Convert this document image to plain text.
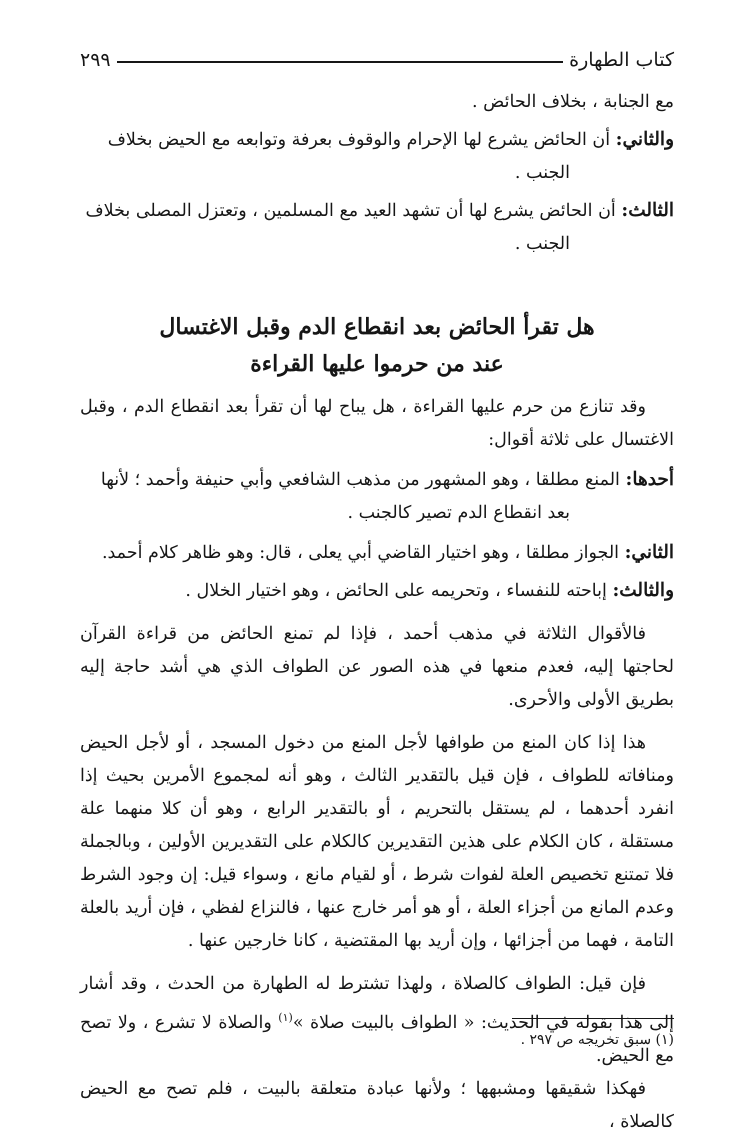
كتاب الطهارة
٢٩٩

مع الجنابة ، بخلاف الحائض .

والثاني: أن الحائض يشرع لها الإحرام والوقوف بعرفة وتوابعه مع الحيض بخلاف

الجنب .

الثالث: أن الحائض يشرع لها أن تشهد العيد مع المسلمين ، وتعتزل المصلى بخلاف

الجنب .

هل تقرأ الحائض بعد انقطاع الدم وقبل الاغتسال
عند من حرموا عليها القراءة

وقد تنازع من حرم عليها القراءة ، هل يباح لها أن تقرأ بعد انقطاع الدم ، وقبل الاغتسال على ثلاثة أقوال:

أحدها: المنع مطلقا ، وهو المشهور من مذهب الشافعي وأبي حنيفة وأحمد ؛ لأنها

بعد انقطاع الدم تصير كالجنب .

الثاني: الجواز مطلقا ، وهو اختيار القاضي أبي يعلى ، قال: وهو ظاهر كلام أحمد.

والثالث: إباحته للنفساء ، وتحريمه على الحائض ، وهو اختيار الخلال .

فالأقوال الثلاثة في مذهب أحمد ، فإذا لم تمنع الحائض من قراءة القرآن لحاجتها إليه، فعدم منعها في هذه الصور عن الطواف الذي هي أشد حاجة إليه بطريق الأولى والأحرى.

هذا إذا كان المنع من طوافها لأجل المنع من دخول المسجد ، أو لأجل الحيض ومنافاته للطواف ، فإن قيل بالتقدير الثالث ، وهو أنه لمجموع الأمرين بحيث إذا انفرد أحدهما ، لم يستقل بالتحريم ، أو بالتقدير الرابع ، وهو أن كلا منهما علة مستقلة ، كان الكلام على هذين التقديرين كالكلام على التقديرين الأولين ، وبالجملة فلا تمتنع تخصيص العلة لفوات شرط ، أو لقيام مانع ، وسواء قيل: إن وجود الشرط وعدم المانع من أجزاء العلة ، أو هو أمر خارج عنها ، فالنزاع لفظي ، فإن أريد بالعلة التامة ، فهما من أجزائها ، وإن أريد بها المقتضية ، كانا خارجين عنها .

فإن قيل: الطواف كالصلاة ، ولهذا تشترط له الطهارة من الحدث ، وقد أشار إلى هذا بقوله في الحديث: « الطواف بالبيت صلاة »$^{(١)}$ والصلاة لا تشرع ، ولا تصح مع الحيض.

فهكذا شقيقها ومشبهها ؛ ولأنها عبادة متعلقة بالبيت ، فلم تصح مع الحيض كالصلاة ،

(١) سبق تخريجه ص ٢٩٧ .
